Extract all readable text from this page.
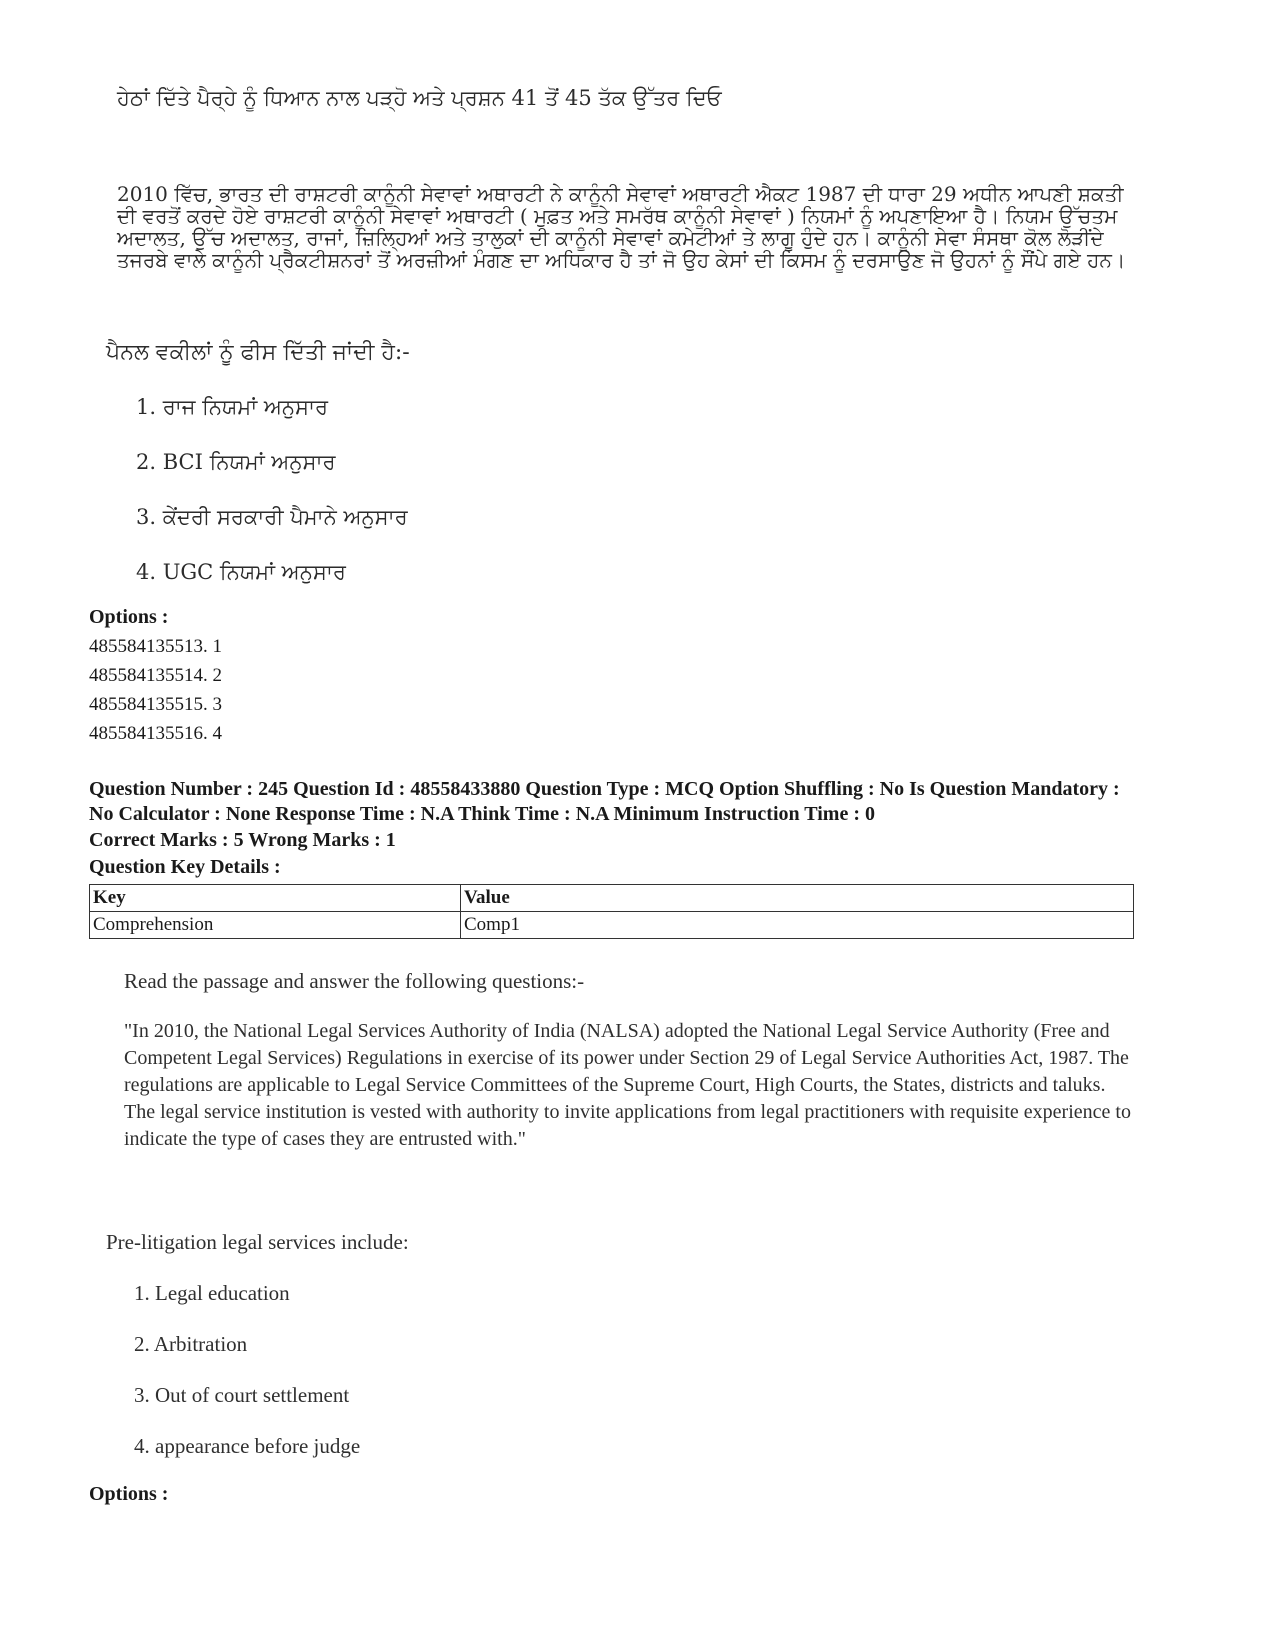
ਹੇਠਾਂ ਦਿੱਤੇ ਪੈਰ੍ਹੇ ਨੂੰ ਧਿਆਨ ਨਾਲ ਪੜ੍ਹੋ ਅਤੇ ਪ੍ਰਸ਼ਨ 41 ਤੋਂ 45 ਤੱਕ ਉੱਤਰ ਦਿਓ
2010 ਵਿੱਚ, ਭਾਰਤ ਦੀ ਰਾਸ਼ਟਰੀ ਕਾਨੂੰਨੀ ਸੇਵਾਵਾਂ ਅਥਾਰਟੀ ਨੇ ਕਾਨੂੰਨੀ ਸੇਵਾਵਾਂ ਅਥਾਰਟੀ ਐਕਟ 1987 ਦੀ ਧਾਰਾ 29 ਅਧੀਨ ਆਪਣੀ ਸ਼ਕਤੀ ਦੀ ਵਰਤੋਂ ਕਰਦੇ ਹੋਏ ਰਾਸ਼ਟਰੀ ਕਾਨੂੰਨੀ ਸੇਵਾਵਾਂ ਅਥਾਰਟੀ ( ਮੁਫ਼ਤ ਅਤੇ ਸਮਰੱਥ ਕਾਨੂੰਨੀ ਸੇਵਾਵਾਂ ) ਨਿਯਮਾਂ ਨੂੰ ਅਪਣਾਇਆ ਹੈ। ਨਿਯਮ ਉੱਚਤਮ ਅਦਾਲਤ, ਉੱਚ ਅਦਾਲਤ, ਰਾਜਾਂ, ਜ਼ਿਲ੍ਹਿਆਂ ਅਤੇ ਤਾਲੁਕਾਂ ਦੀ ਕਾਨੂੰਨੀ ਸੇਵਾਵਾਂ ਕਮੇਟੀਆਂ ਤੇ ਲਾਗੂ ਹੁੰਦੇ ਹਨ। ਕਾਨੂੰਨੀ ਸੇਵਾ ਸੰਸਥਾ ਕੋਲ ਲੋੜੀਂਦੇ ਤਜਰਬੇ ਵਾਲੇ ਕਾਨੂੰਨੀ ਪ੍ਰੈਕਟੀਸ਼ਨਰਾਂ ਤੋਂ ਅਰਜ਼ੀਆਂ ਮੰਗਣ ਦਾ ਅਧਿਕਾਰ ਹੈ ਤਾਂ ਜੋ ਉਹ ਕੇਸਾਂ ਦੀ ਕਿਸਮ ਨੂੰ ਦਰਸਾਉਣ ਜੋ ਉਹਨਾਂ ਨੂੰ ਸੌਂਪੇ ਗਏ ਹਨ।
ਪੈਨਲ ਵਕੀਲਾਂ ਨੂੰ ਫੀਸ ਦਿੱਤੀ ਜਾਂਦੀ ਹੈ:-
1. ਰਾਜ ਨਿਯਮਾਂ ਅਨੁਸਾਰ
2. BCI ਨਿਯਮਾਂ ਅਨੁਸਾਰ
3. ਕੇਂਦਰੀ ਸਰਕਾਰੀ ਪੈਮਾਨੇ ਅਨੁਸਾਰ
4. UGC ਨਿਯਮਾਂ ਅਨੁਸਾਰ
Options :
485584135513. 1
485584135514. 2
485584135515. 3
485584135516. 4
Question Number : 245 Question Id : 48558433880 Question Type : MCQ Option Shuffling : No Is Question Mandatory :
No Calculator : None Response Time : N.A Think Time : N.A Minimum Instruction Time : 0
Correct Marks : 5 Wrong Marks : 1
Question Key Details :
Key	Value
Comprehension	Comp1
Read the passage and answer the following questions:-
"In 2010, the National Legal Services Authority of India (NALSA) adopted the National Legal Service Authority (Free and Competent Legal Services) Regulations in exercise of its power under Section 29 of Legal Service Authorities Act, 1987. The regulations are applicable to Legal Service Committees of the Supreme Court, High Courts, the States, districts and taluks. The legal service institution is vested with authority to invite applications from legal practitioners with requisite experience to indicate the type of cases they are entrusted with."
Pre-litigation legal services include:
1. Legal education
2. Arbitration
3. Out of court settlement
4. appearance before judge
Options :
